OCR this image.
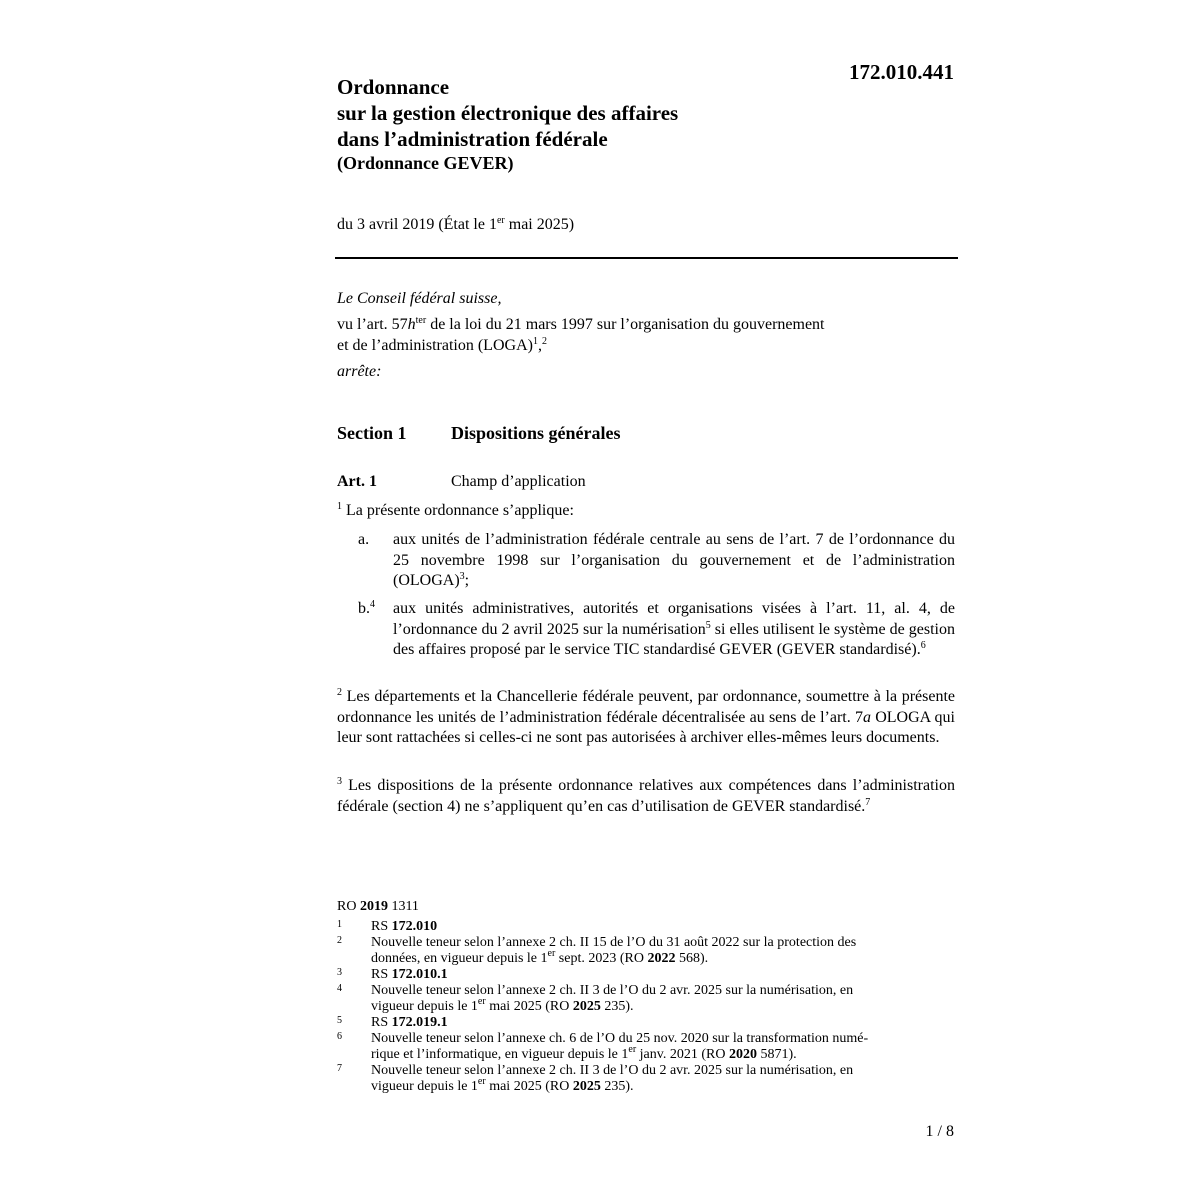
172.010.441
Ordonnance
sur la gestion électronique des affaires
dans l’administration fédérale
(Ordonnance GEVER)
du 3 avril 2019 (État le 1er mai 2025)
Le Conseil fédéral suisse,
vu l’art. $57h^{ter}$ de la loi du 21 mars 1997 sur l’organisation du gouvernement
et de l’administration (LOGA)$^1$,$^2$
arrête:
Section 1 Dispositions générales
Art. 1	Champ d’application
$^1$ La présente ordonnance s’applique:
a. aux unités de l’administration fédérale centrale au sens de l’art. 7 de l’ordonnance du 25 novembre 1998 sur l’organisation du gouvernement et de l’administration (OLOGA)$^3$;
b.$^4$ aux unités administratives, autorités et organisations visées à l’art. 11, al. 4, de l’ordonnance du 2 avril 2025 sur la numérisation$^5$ si elles utilisent le système de gestion des affaires proposé par le service TIC standardisé GEVER (GEVER standardisé).$^6$
$^2$ Les départements et la Chancellerie fédérale peuvent, par ordonnance, soumettre à la présente ordonnance les unités de l’administration fédérale décentralisée au sens de l’art. 7a OLOGA qui leur sont rattachées si celles-ci ne sont pas autorisées à archiver elles-mêmes leurs documents.
$^3$ Les dispositions de la présente ordonnance relatives aux compétences dans l’administration fédérale (section 4) ne s’appliquent qu’en cas d’utilisation de GEVER standardisé.$^7$
RO 2019 1311
1 RS 172.010
2 Nouvelle teneur selon l’annexe 2 ch. II 15 de l’O du 31 août 2022 sur la protection des
données, en vigueur depuis le 1er sept. 2023 (RO 2022 568).
3 RS 172.010.1
4 Nouvelle teneur selon l’annexe 2 ch. II 3 de l’O du 2 avr. 2025 sur la numérisation, en
vigueur depuis le 1er mai 2025 (RO 2025 235).
5 RS 172.019.1
6 Nouvelle teneur selon l’annexe ch. 6 de l’O du 25 nov. 2020 sur la transformation numé-
rique et l’informatique, en vigueur depuis le 1er janv. 2021 (RO 2020 5871).
7 Nouvelle teneur selon l’annexe 2 ch. II 3 de l’O du 2 avr. 2025 sur la numérisation, en
vigueur depuis le 1er mai 2025 (RO 2025 235).
1 / 8
